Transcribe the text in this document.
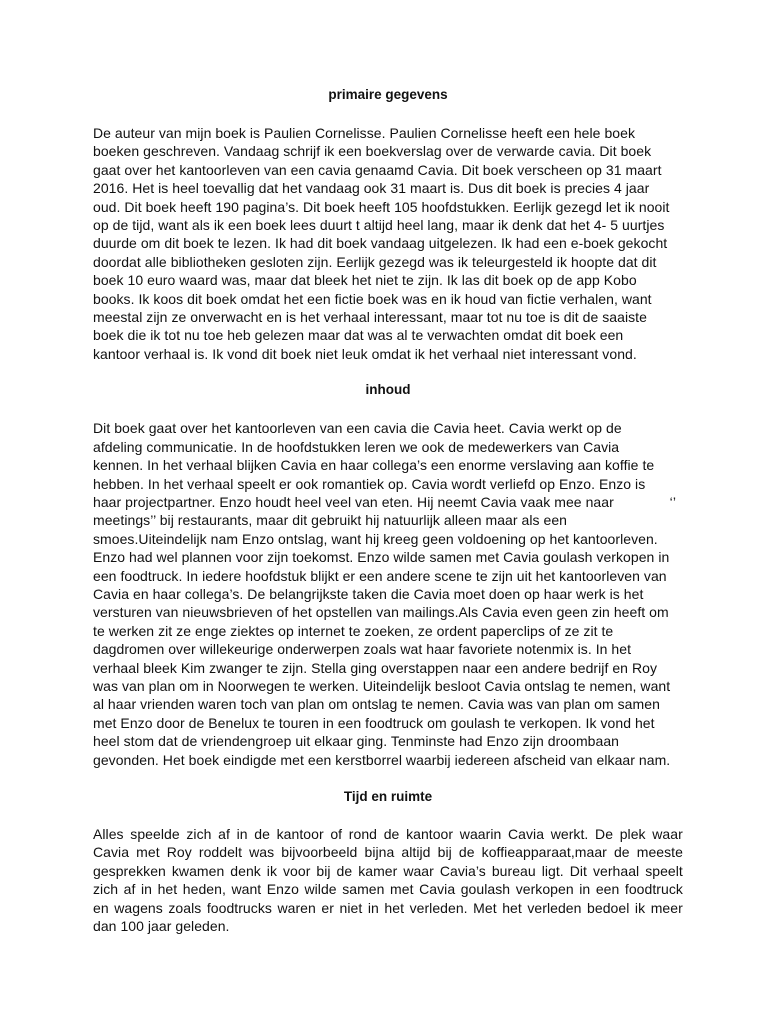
primaire gegevens
De auteur van mijn boek is Paulien Cornelisse. Paulien Cornelisse heeft een hele boek
boeken geschreven. Vandaag schrijf ik een boekverslag over de verwarde cavia. Dit boek
gaat over het kantoorleven van een cavia genaamd Cavia. Dit boek verscheen op 31 maart
2016. Het is heel toevallig dat het vandaag ook 31 maart is. Dus dit boek is precies 4 jaar
oud. Dit boek heeft 190 pagina’s. Dit boek heeft 105 hoofdstukken. Eerlijk gezegd let ik nooit
op de tijd, want als ik een boek lees duurt t altijd heel lang, maar ik denk dat het 4- 5 uurtjes
duurde om dit boek te lezen. Ik had dit boek vandaag uitgelezen. Ik had een e-boek gekocht
doordat alle bibliotheken gesloten zijn. Eerlijk gezegd was ik teleurgesteld ik hoopte dat dit
boek 10 euro waard was, maar dat bleek het niet te zijn. Ik las dit boek op de app Kobo
books. Ik koos dit boek omdat het een fictie boek was en ik houd van fictie verhalen, want
meestal zijn ze onverwacht en is het verhaal interessant, maar tot nu toe is dit de saaiste
boek die ik tot nu toe heb gelezen maar dat was al te verwachten omdat dit boek een
kantoor verhaal is. Ik vond dit boek niet leuk omdat ik het verhaal niet interessant vond.
inhoud
Dit boek gaat over het kantoorleven van een cavia die Cavia heet. Cavia werkt op de
afdeling communicatie. In de hoofdstukken leren we ook de medewerkers van Cavia
kennen. In het verhaal blijken Cavia en haar collega’s een enorme verslaving aan koffie te
hebben. In het verhaal speelt er ook romantiek op. Cavia wordt verliefd op Enzo. Enzo is
haar projectpartner. Enzo houdt heel veel van eten. Hij neemt Cavia vaak mee naar	‘’
meetings’’ bij restaurants, maar dit gebruikt hij natuurlijk alleen maar als een
smoes.Uiteindelijk nam Enzo ontslag, want hij kreeg geen voldoening op het kantoorleven.
Enzo had wel plannen voor zijn toekomst. Enzo wilde samen met Cavia goulash verkopen in
een foodtruck. In iedere hoofdstuk blijkt er een andere scene te zijn uit het kantoorleven van
Cavia en haar collega’s. De belangrijkste taken die Cavia moet doen op haar werk is het
versturen van nieuwsbrieven of het opstellen van mailings.Als Cavia even geen zin heeft om
te werken zit ze enge ziektes op internet te zoeken, ze ordent paperclips of ze zit te
dagdromen over willekeurige onderwerpen zoals wat haar favoriete notenmix is. In het
verhaal bleek Kim zwanger te zijn. Stella ging overstappen naar een andere bedrijf en Roy
was van plan om in Noorwegen te werken. Uiteindelijk besloot Cavia ontslag te nemen, want
al haar vrienden waren toch van plan om ontslag te nemen. Cavia was van plan om samen
met Enzo door de Benelux te touren in een foodtruck om goulash te verkopen. Ik vond het
heel stom dat de vriendengroep uit elkaar ging. Tenminste had Enzo zijn droombaan
gevonden. Het boek eindigde met een kerstborrel waarbij iedereen afscheid van elkaar nam.
Tijd en ruimte
Alles speelde zich af in de kantoor of rond de kantoor waarin Cavia werkt. De plek waar
Cavia met Roy roddelt was bijvoorbeeld bijna altijd bij de koffieapparaat,maar de meeste
gesprekken kwamen denk ik voor bij de kamer waar Cavia’s bureau ligt. Dit verhaal speelt
zich af in het heden, want Enzo wilde samen met Cavia goulash verkopen in een foodtruck
en wagens zoals foodtrucks waren er niet in het verleden. Met het verleden bedoel ik meer
dan 100 jaar geleden.
